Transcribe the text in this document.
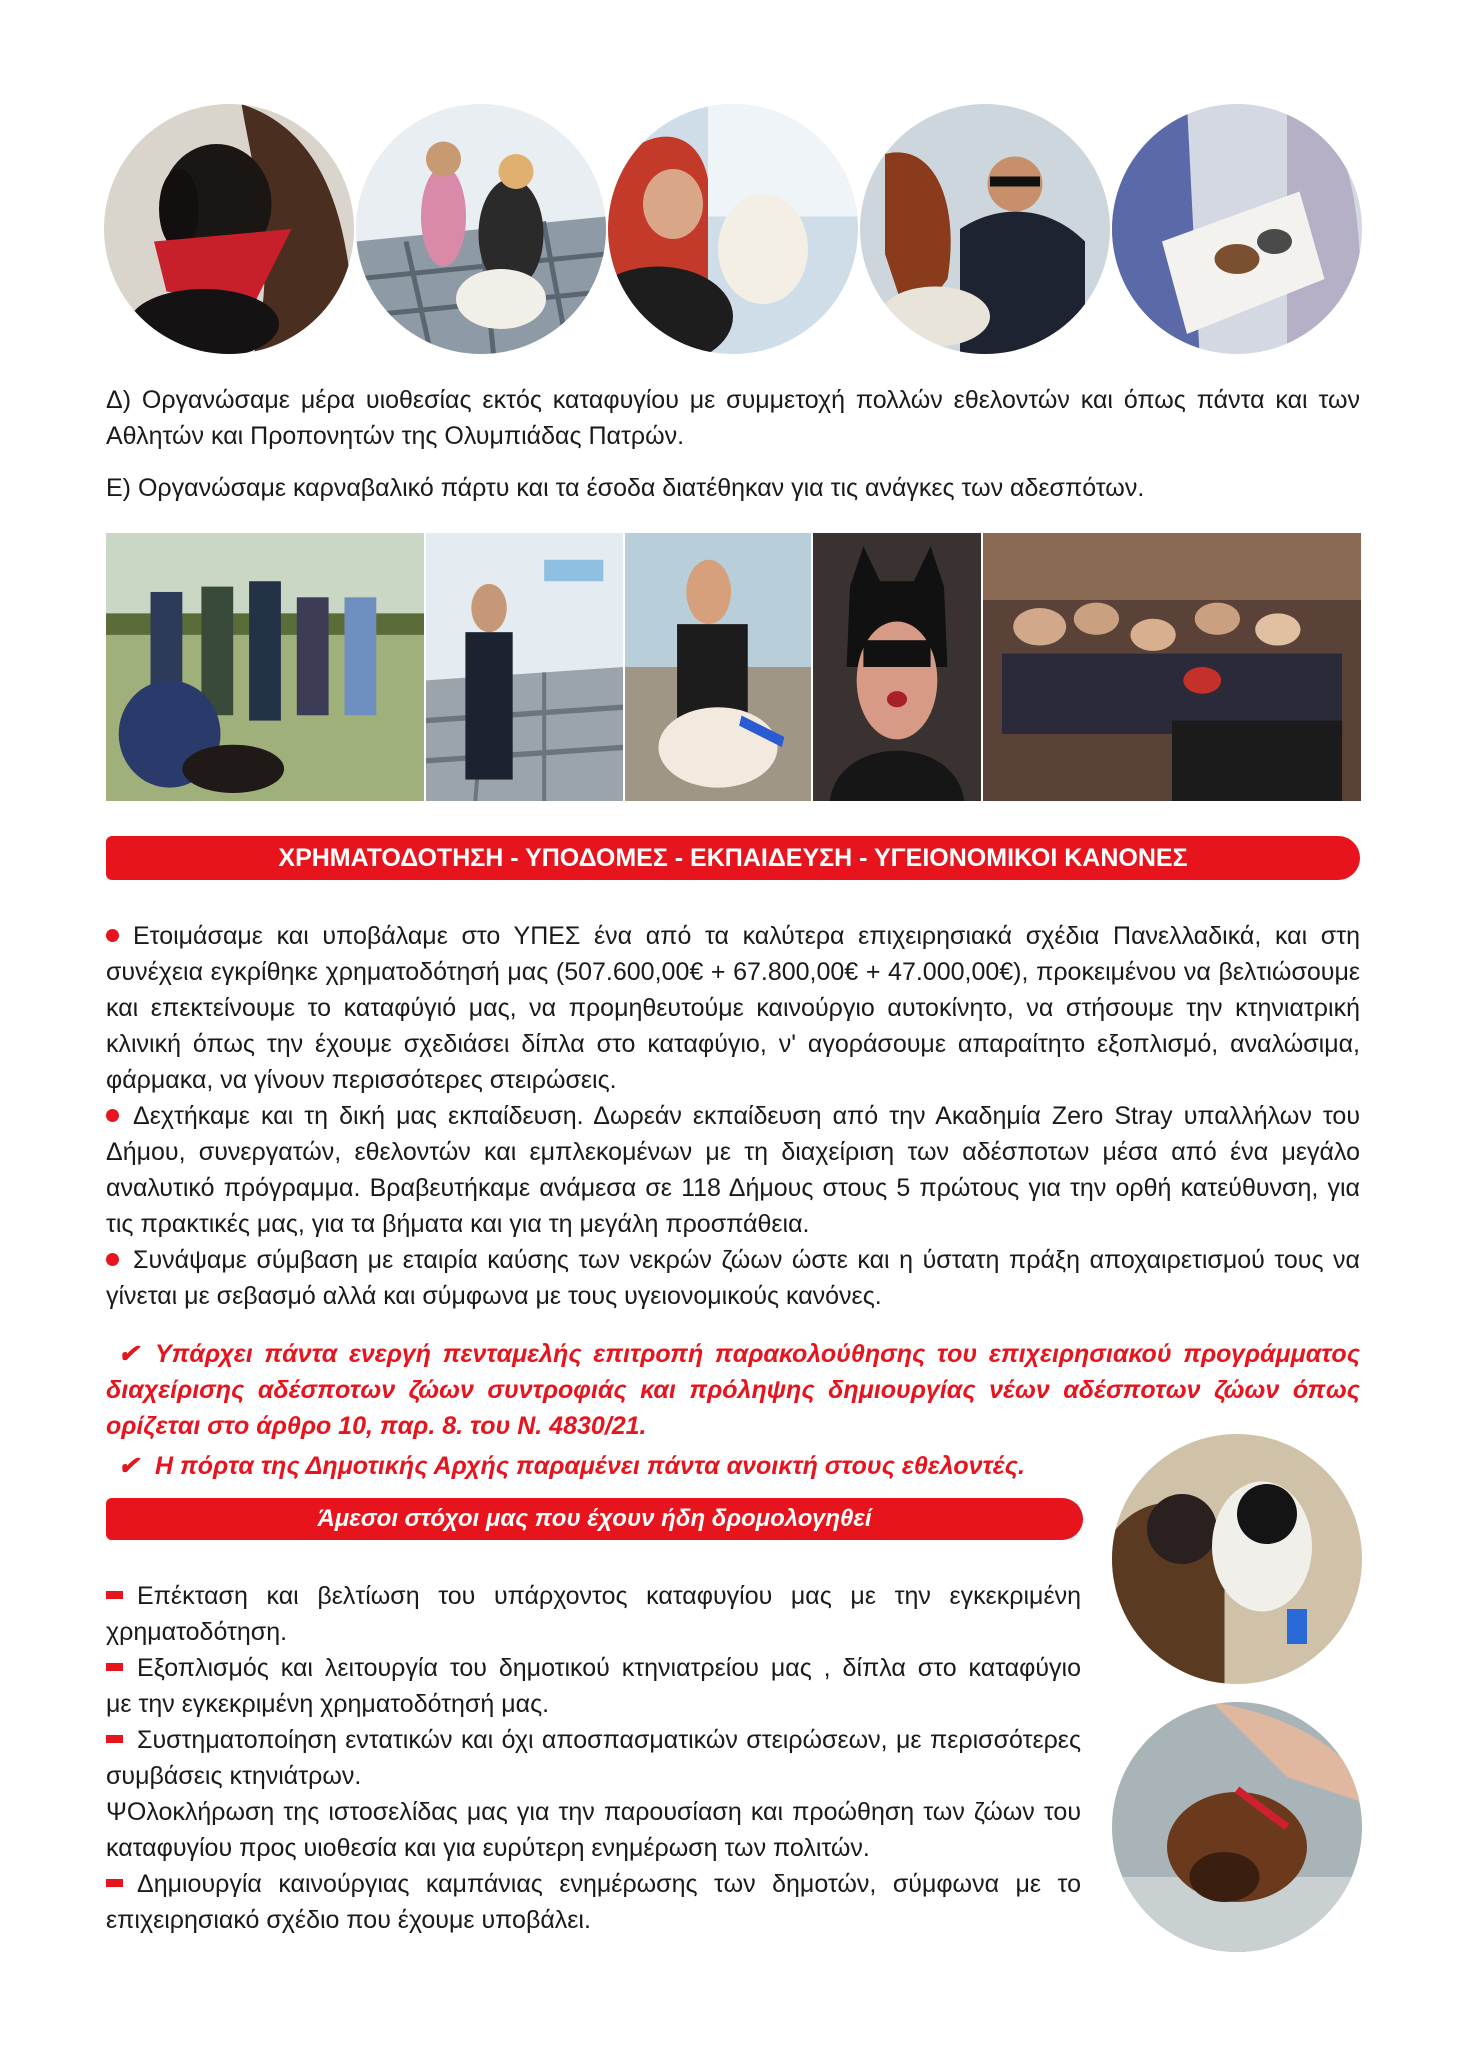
Δ) Οργανώσαμε μέρα υιοθεσίας εκτός καταφυγίου με συμμετοχή πολλών εθελοντών και όπως πάντα και των
Αθλητών και Προπονητών της Ολυμπιάδας Πατρών.
Ε) Οργανώσαμε καρναβαλικό πάρτυ και τα έσοδα διατέθηκαν για τις ανάγκες των αδεσπότων.
ΧΡΗΜΑΤΟΔΟΤΗΣΗ - ΥΠΟΔΟΜΕΣ - ΕΚΠΑΙΔΕΥΣΗ - ΥΓΕΙΟΝΟΜΙΚΟΙ ΚΑΝΟΝΕΣ
Ετοιμάσαμε και υποβάλαμε στο ΥΠΕΣ ένα από τα καλύτερα επιχειρησιακά σχέδια Πανελλαδικά, και στη
συνέχεια εγκρίθηκε χρηματοδότησή μας (507.600,00€ + 67.800,00€ + 47.000,00€), προκειμένου να βελτιώσουμε
και επεκτείνουμε το καταφύγιό μας, να προμηθευτούμε καινούργιο αυτοκίνητο, να στήσουμε την κτηνιατρική
κλινική όπως την έχουμε σχεδιάσει δίπλα στο καταφύγιο, ν' αγοράσουμε απαραίτητο εξοπλισμό, αναλώσιμα,
φάρμακα, να γίνουν περισσότερες στειρώσεις.
Δεχτήκαμε και τη δική μας εκπαίδευση. Δωρεάν εκπαίδευση από την Ακαδημία Zero Stray υπαλλήλων του
Δήμου, συνεργατών, εθελοντών και εμπλεκομένων με τη διαχείριση των αδέσποτων μέσα από ένα μεγάλο
αναλυτικό πρόγραμμα. Βραβευτήκαμε ανάμεσα σε 118 Δήμους στους 5 πρώτους για την ορθή κατεύθυνση, για
τις πρακτικές μας, για τα βήματα και για τη μεγάλη προσπάθεια.
Συνάψαμε σύμβαση με εταιρία καύσης των νεκρών ζώων ώστε και η ύστατη πράξη αποχαιρετισμού τους να
γίνεται με σεβασμό αλλά και σύμφωνα με τους υγειονομικούς κανόνες.
✔ Υπάρχει πάντα ενεργή πενταμελής επιτροπή παρακολούθησης του επιχειρησιακού προγράμματος
διαχείρισης αδέσποτων ζώων συντροφιάς και πρόληψης δημιουργίας νέων αδέσποτων ζώων όπως
ορίζεται στο άρθρο 10, παρ. 8. του Ν. 4830/21.
✔ Η πόρτα της Δημοτικής Αρχής παραμένει πάντα ανοικτή στους εθελοντές.
Άμεσοι στόχοι μας που έχουν ήδη δρομολογηθεί
Επέκταση και βελτίωση του υπάρχοντος καταφυγίου μας με την εγκεκριμένη
χρηματοδότηση.
Εξοπλισμός και λειτουργία του δημοτικού κτηνιατρείου μας , δίπλα στο καταφύγιο
με την εγκεκριμένη χρηματοδότησή μας.
Συστηματοποίηση εντατικών και όχι αποσπασματικών στειρώσεων, με περισσότερες
συμβάσεις κτηνιάτρων.
ΨΟλοκλήρωση της ιστοσελίδας μας για την παρουσίαση και προώθηση των ζώων του
καταφυγίου προς υιοθεσία και για ευρύτερη ενημέρωση των πολιτών.
Δημιουργία καινούργιας καμπάνιας ενημέρωσης των δημοτών, σύμφωνα με το
επιχειρησιακό σχέδιο που έχουμε υποβάλει.
